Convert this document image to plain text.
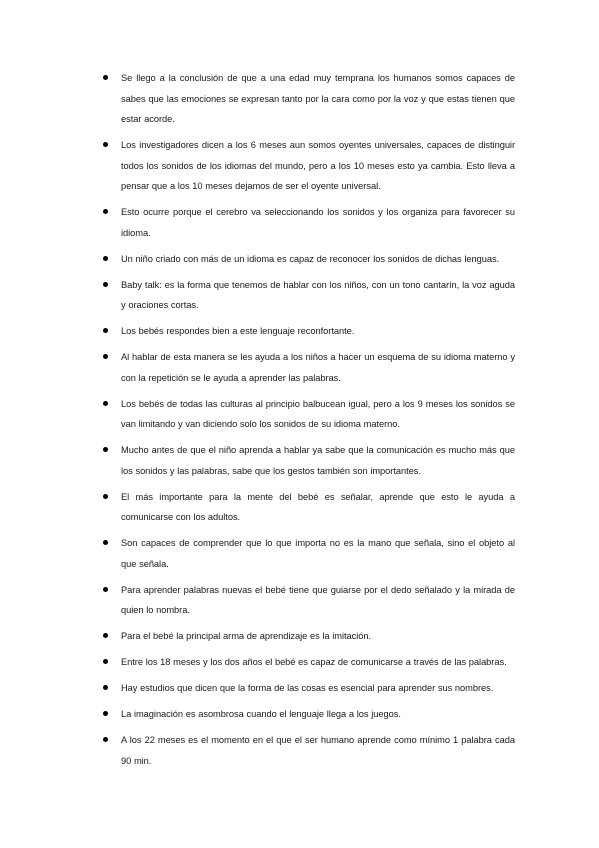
Se llego a la conclusión de que a una edad muy temprana los humanos somos capaces de sabes que las emociones se expresan tanto por la cara como por la voz y que estas tienen que estar acorde.
Los investigadores dicen a los 6 meses aun somos oyentes universales, capaces de distinguir todos los sonidos de los idiomas del mundo, pero a los 10 meses esto ya cambia. Esto lleva a pensar que a los 10 meses dejamos de ser el oyente universal.
Esto ocurre porque el cerebro va seleccionando los sonidos y los organiza para favorecer su idioma.
Un niño criado con más de un idioma es capaz de reconocer los sonidos de dichas lenguas.
Baby talk: es la forma que tenemos de hablar con los niños, con un tono cantarín, la voz aguda y oraciones cortas.
Los bebés respondes bien a este lenguaje reconfortante.
Al hablar de esta manera se les ayuda a los niños a hacer un esquema de su idioma materno y con la repetición se le ayuda a aprender las palabras.
Los bebés de todas las culturas al principio balbucean igual, pero a los 9 meses los sonidos se van limitando y van diciendo solo los sonidos de su idioma materno.
Mucho antes de que el niño aprenda a hablar ya sabe que la comunicación es mucho más que los sonidos y las palabras, sabe que los gestos también son importantes.
El más importante para la mente del bebé es señalar, aprende que esto le ayuda a comunicarse con los adultos.
Son capaces de comprender que lo que importa no es la mano que señala, sino el objeto al que señala.
Para aprender palabras nuevas el bebé tiene que guiarse por el dedo señalado y la mirada de quien lo nombra.
Para el bebé la principal arma de aprendizaje es la imitación.
Entre los 18 meses y los dos años el bebé es capaz de comunicarse a través de las palabras.
Hay estudios que dicen que la forma de las cosas es esencial para aprender sus nombres.
La imaginación es asombrosa cuando el lenguaje llega a los juegos.
A los 22 meses es el momento en el que el ser humano aprende como mínimo 1 palabra cada 90 min.
